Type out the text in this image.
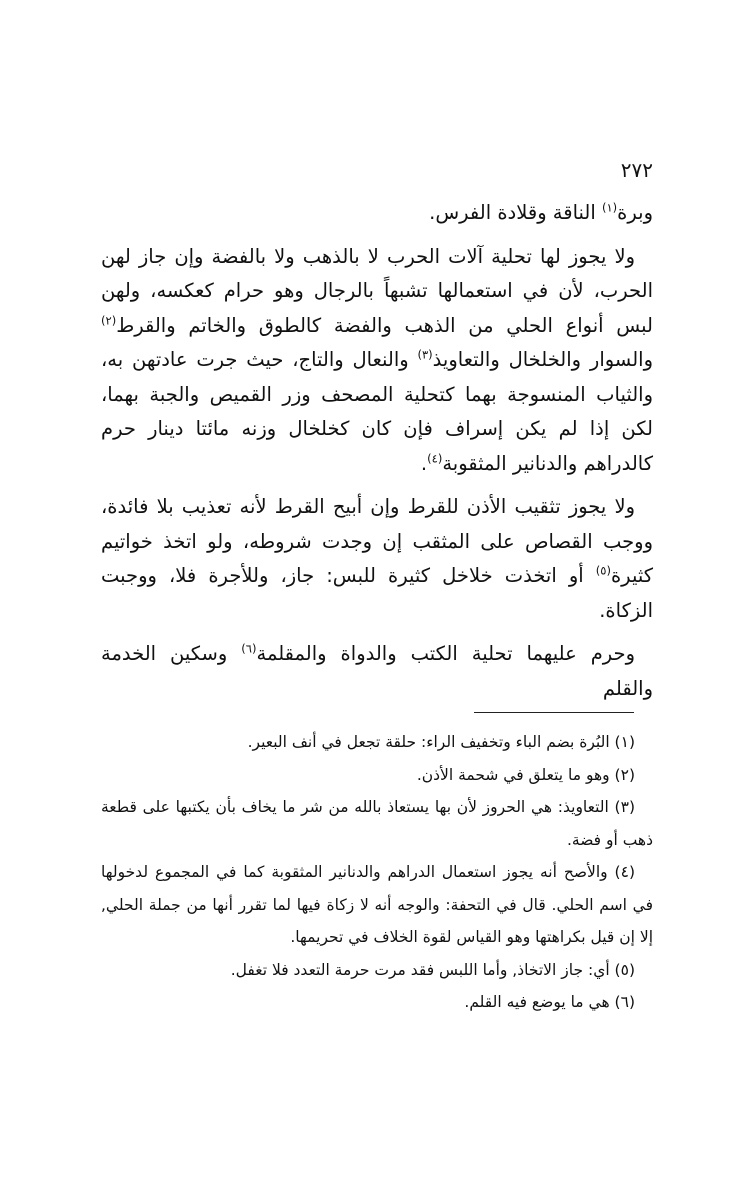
٢٧٢

وبرة$^{(١)}$ الناقة وقلادة الفرس.

ولا يجوز لها تحلية آلات الحرب لا بالذهب ولا بالفضة وإن جاز لهن الحرب، لأن في استعمالها تشبهاً بالرجال وهو حرام كعكسه، ولهن لبس أنواع الحلي من الذهب والفضة كالطوق والخاتم والقرط$^{(٢)}$ والسوار والخلخال والتعاويذ$^{(٣)}$ والنعال والتاج، حيث جرت عادتهن به، والثياب المنسوجة بهما كتحلية المصحف وزر القميص والجبة بهما، لكن إذا لم يكن إسراف فإن كان كخلخال وزنه مائتا دينار حرم كالدراهم والدنانير المثقوبة$^{(٤)}$.

ولا يجوز تثقيب الأذن للقرط وإن أبيح القرط لأنه تعذيب بلا فائدة، ووجب القصاص على المثقب إن وجدت شروطه، ولو اتخذ خواتيم كثيرة$^{(٥)}$ أو اتخذت خلاخل كثيرة للبس: جاز، وللأجرة فلا، ووجبت الزكاة.

وحرم عليهما تحلية الكتب والدواة والمقلمة$^{(٦)}$ وسكين الخدمة والقلم

(١) البُرة بضم الباء وتخفيف الراء: حلقة تجعل في أنف البعير.

(٢) وهو ما يتعلق في شحمة الأذن.

(٣) التعاويذ: هي الحروز لأن بها يستعاذ بالله من شر ما يخاف بأن يكتبها على قطعة ذهب أو فضة.

(٤) والأصح أنه يجوز استعمال الدراهم والدنانير المثقوبة كما في المجموع لدخولها في اسم الحلي. قال في التحفة: والوجه أنه لا زكاة فيها لما تقرر أنها من جملة الحلي, إلا إن قيل بكراهتها وهو القياس لقوة الخلاف في تحريمها.

(٥) أي: جاز الاتخاذ, وأما اللبس فقد مرت حرمة التعدد فلا تغفل.

(٦) هي ما يوضع فيه القلم.
